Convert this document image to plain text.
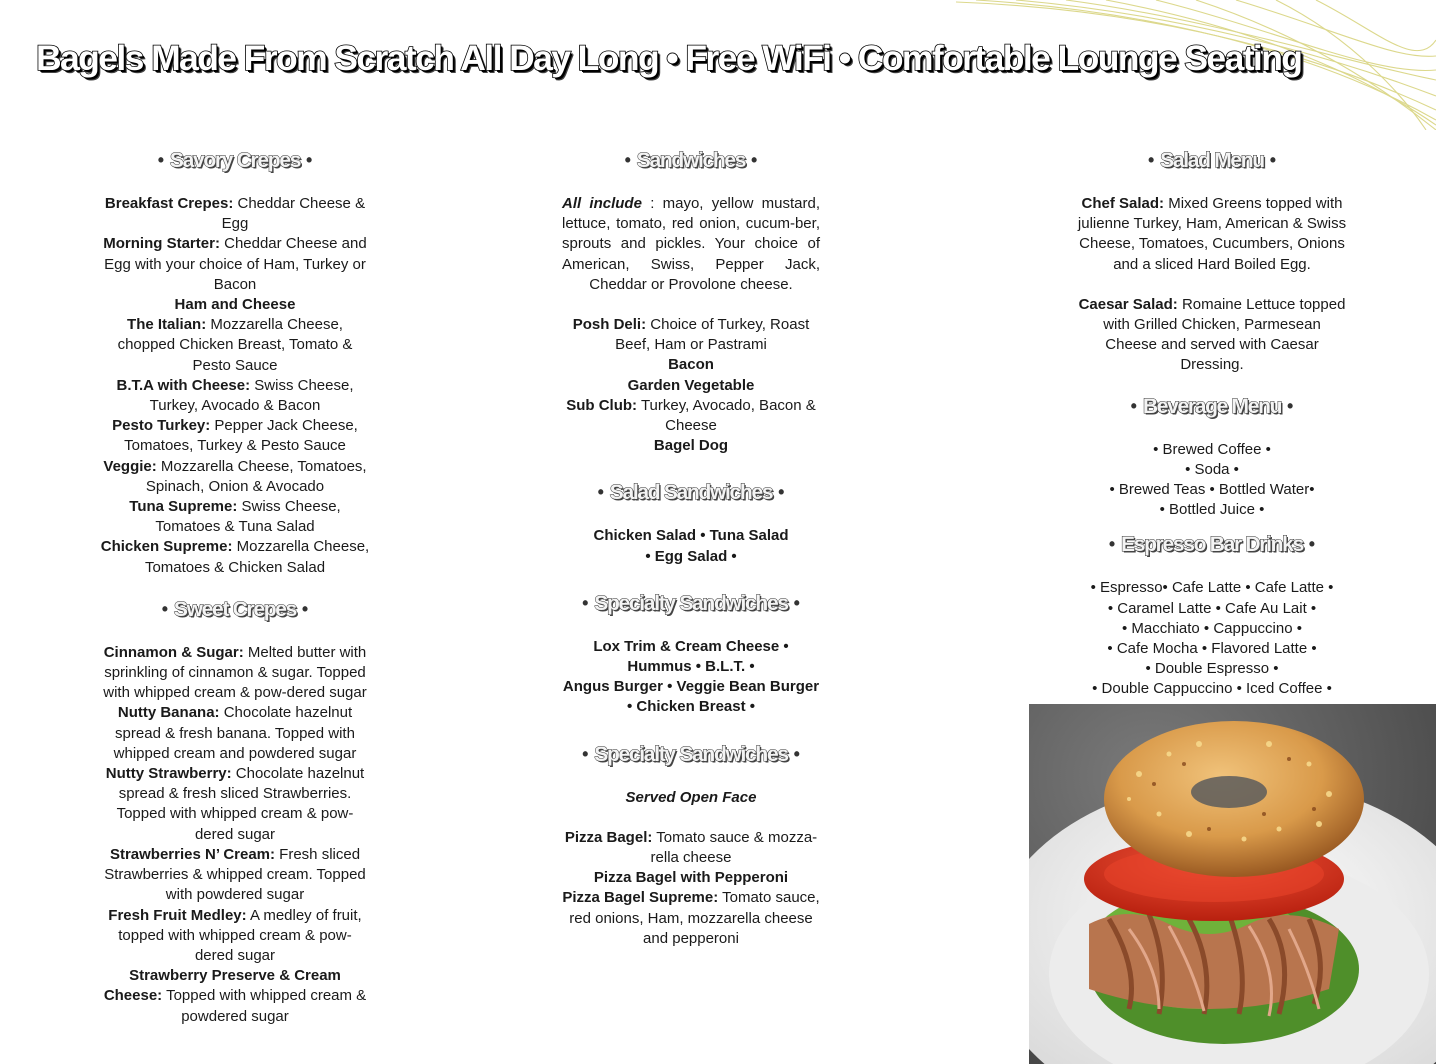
Bagels Made From Scratch All Day Long • Free WiFi • Comfortable Lounge Seating
• Savory Crepes •

Breakfast Crepes: Cheddar Cheese & Egg

Morning Starter: Cheddar Cheese and Egg with your choice of Ham, Turkey or Bacon

Ham and Cheese

The Italian: Mozzarella Cheese, chopped Chicken Breast, Tomato & Pesto Sauce

B.T.A with Cheese: Swiss Cheese, Turkey, Avocado & Bacon

Pesto Turkey: Pepper Jack Cheese, Tomatoes, Turkey & Pesto Sauce

Veggie: Mozzarella Cheese, Tomatoes, Spinach, Onion & Avocado

Tuna Supreme: Swiss Cheese, Tomatoes & Tuna Salad

Chicken Supreme: Mozzarella Cheese, Tomatoes & Chicken Salad

• Sweet Crepes •

Cinnamon & Sugar: Melted butter with sprinkling of cinnamon & sugar. Topped with whipped cream & pow-dered sugar

Nutty Banana: Chocolate hazelnut spread & fresh banana. Topped with whipped cream and powdered sugar

Nutty Strawberry: Chocolate hazelnut spread & fresh sliced Strawberries. Topped with whipped cream & pow-dered sugar

Strawberries N’ Cream: Fresh sliced Strawberries & whipped cream. Topped with powdered sugar

Fresh Fruit Medley: A medley of fruit, topped with whipped cream & pow-dered sugar

Strawberry Preserve & Cream Cheese: Topped with whipped cream & powdered sugar

• Sandwiches •

All include : mayo, yellow mustard, lettuce, tomato, red onion, cucum-ber, sprouts and pickles. Your choice of American, Swiss, Pepper Jack, Cheddar or Provolone cheese.

Posh Deli: Choice of Turkey, Roast Beef, Ham or Pastrami

Bacon

Garden Vegetable

Sub Club: Turkey, Avocado, Bacon & Cheese

Bagel Dog

• Salad Sandwiches •

Chicken Salad • Tuna Salad

• Egg Salad •

• Specialty Sandwiches •

Lox Trim & Cream Cheese •

Hummus • B.L.T. •

Angus Burger • Veggie Bean Burger

• Chicken Breast •

• Specialty Sandwiches •

Served Open Face

Pizza Bagel: Tomato sauce & mozza-rella cheese

Pizza Bagel with Pepperoni

Pizza Bagel Supreme: Tomato sauce, red onions, Ham, mozzarella cheese and pepperoni

• Salad Menu •

Chef Salad: Mixed Greens topped with julienne Turkey, Ham, American & Swiss Cheese, Tomatoes, Cucumbers, Onions and a sliced Hard Boiled Egg.

Caesar Salad: Romaine Lettuce topped with Grilled Chicken, Parmesean Cheese and served with Caesar Dressing.

• Beverage Menu •

• Brewed Coffee •

• Soda •

• Brewed Teas • Bottled Water•

• Bottled Juice •

• Espresso Bar Drinks •

• Espresso• Cafe Latte • Cafe Latte •

• Caramel Latte • Cafe Au Lait •

• Macchiato • Cappuccino •

• Cafe Mocha • Flavored Latte •

• Double Espresso •

• Double Cappuccino • Iced Coffee •
